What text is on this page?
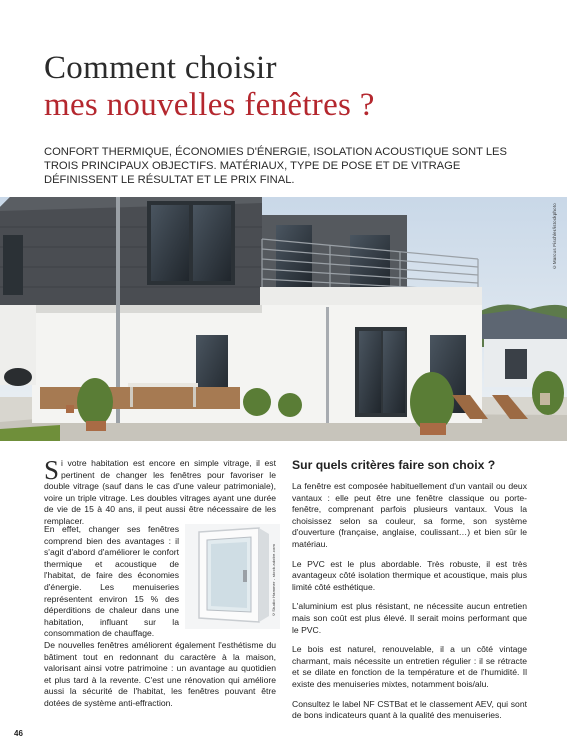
Comment choisir
mes nouvelles fenêtres ?
CONFORT THERMIQUE, ÉCONOMIES D'ÉNERGIE, ISOLATION ACOUSTIQUE SONT LES TROIS PRINCIPAUX OBJECTIFS. MATÉRIAUX, TYPE DE POSE ET DE VITRAGE DÉFINISSENT LE RÉSULTAT ET LE PRIX FINAL.
©Marcus Fischler/istockphoto

Si votre habitation est encore en simple vitrage, il est pertinent de changer les fenêtres pour favoriser le double vitrage (sauf dans le cas d'une valeur patrimoniale), voire un triple vitrage. Les doubles vitrages ayant une durée de vie de 15 à 40 ans, il peut aussi être nécessaire de les remplacer.

En effet, changer ses fenêtres comprend bien des avantages : il s'agit d'abord d'améliorer le confort thermique et acoustique de l'habitat, de faire des économies d'énergie. Les menuiseries représentent environ 15 % des déperditions de chaleur dans une habitation, influant sur la consommation de chauffage.

©Studio Hammer - stock.adobe.com

De nouvelles fenêtres améliorent également l'esthétisme du bâtiment tout en redonnant du caractère à la maison, valorisant ainsi votre patrimoine : un avantage au quotidien et plus tard à la revente. C'est une rénovation qui améliore aussi la sécurité de l'habitat, les fenêtres pouvant être dotées de système anti-effraction.

Sur quels critères faire son choix ?

La fenêtre est composée habituellement d'un vantail ou deux vantaux : elle peut être une fenêtre classique ou porte-fenêtre, comprenant parfois plusieurs vantaux. Vous la choisissez selon sa couleur, sa forme, son système d'ouverture (française, anglaise, coulissant…) et bien sûr le matériau.

Le PVC est le plus abordable. Très robuste, il est très avantageux côté isolation thermique et acoustique, mais plus limité côté esthétique.

L'aluminium est plus résistant, ne nécessite aucun entretien mais son coût est plus élevé. Il serait moins performant que le PVC.

Le bois est naturel, renouvelable, il a un côté vintage charmant, mais nécessite un entretien régulier : il se rétracte et se dilate en fonction de la température et de l'humidité. Il existe des menuiseries mixtes, notamment bois/alu.

Consultez le label NF CSTBat et le classement AEV, qui sont de bons indicateurs quant à la qualité des menuiseries.

46
